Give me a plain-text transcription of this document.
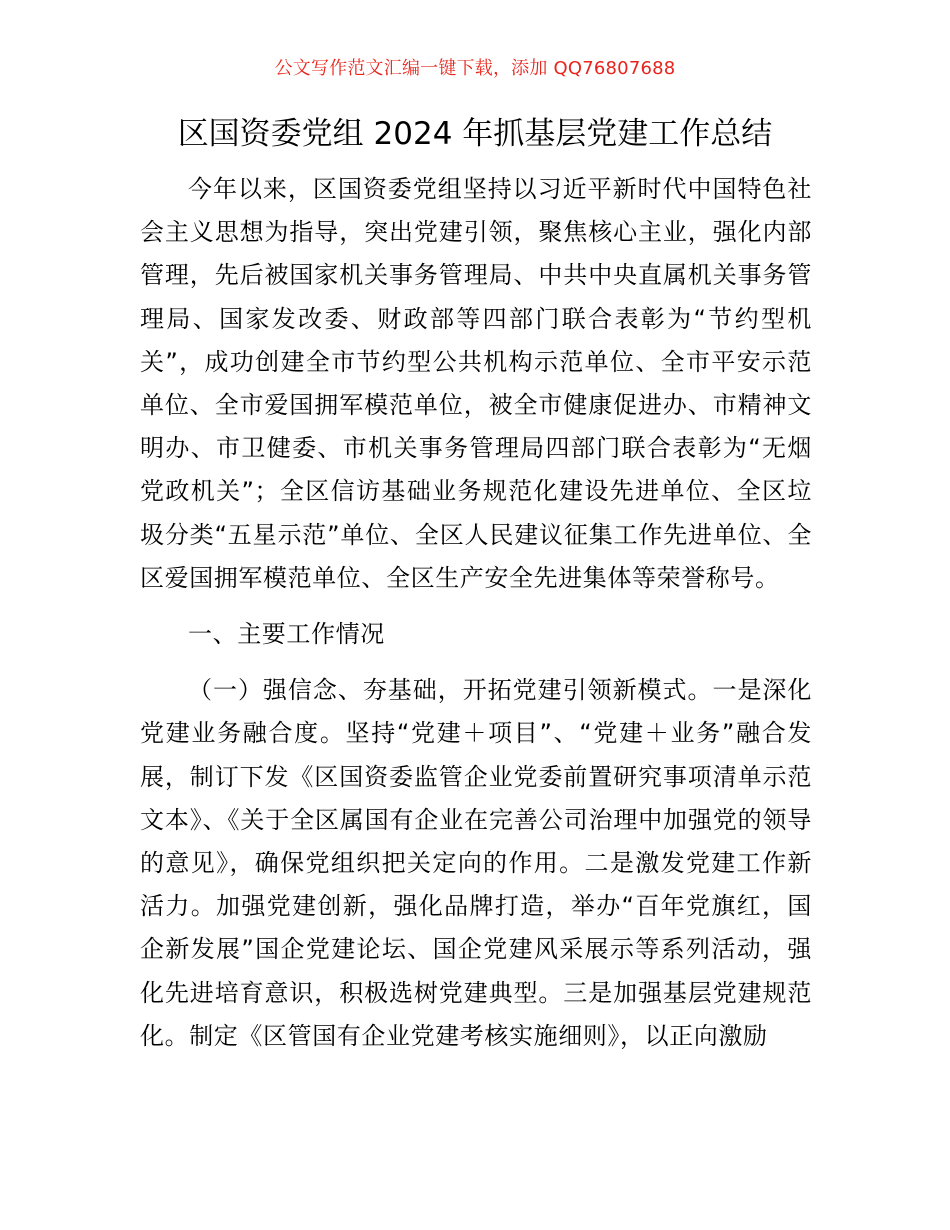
公文写作范文汇编一键下载，添加 QQ76807688
区国资委党组 2024 年抓基层党建工作总结

今年以来，区国资委党组坚持以习近平新时代中国特色社会主义思想为指导，突出党建引领，聚焦核心主业，强化内部管理，先后被国家机关事务管理局、中共中央直属机关事务管理局、国家发改委、财政部等四部门联合表彰为“节约型机关”，成功创建全市节约型公共机构示范单位、全市平安示范单位、全市爱国拥军模范单位，被全市健康促进办、市精神文明办、市卫健委、市机关事务管理局四部门联合表彰为“无烟党政机关”；全区信访基础业务规范化建设先进单位、全区垃圾分类“五星示范”单位、全区人民建议征集工作先进单位、全区爱国拥军模范单位、全区生产安全先进集体等荣誉称号。

一、主要工作情况

（一）强信念、夯基础，开拓党建引领新模式。一是深化党建业务融合度。坚持“党建＋项目”、“党建＋业务”融合发展，制订下发《区国资委监管企业党委前置研究事项清单示范文本》、《关于全区属国有企业在完善公司治理中加强党的领导的意见》，确保党组织把关定向的作用。二是激发党建工作新活力。加强党建创新，强化品牌打造，举办“百年党旗红，国企新发展”国企党建论坛、国企党建风采展示等系列活动，强化先进培育意识，积极选树党建典型。三是加强基层党建规范化。制定《区管国有企业党建考核实施细则》，以正向激励
